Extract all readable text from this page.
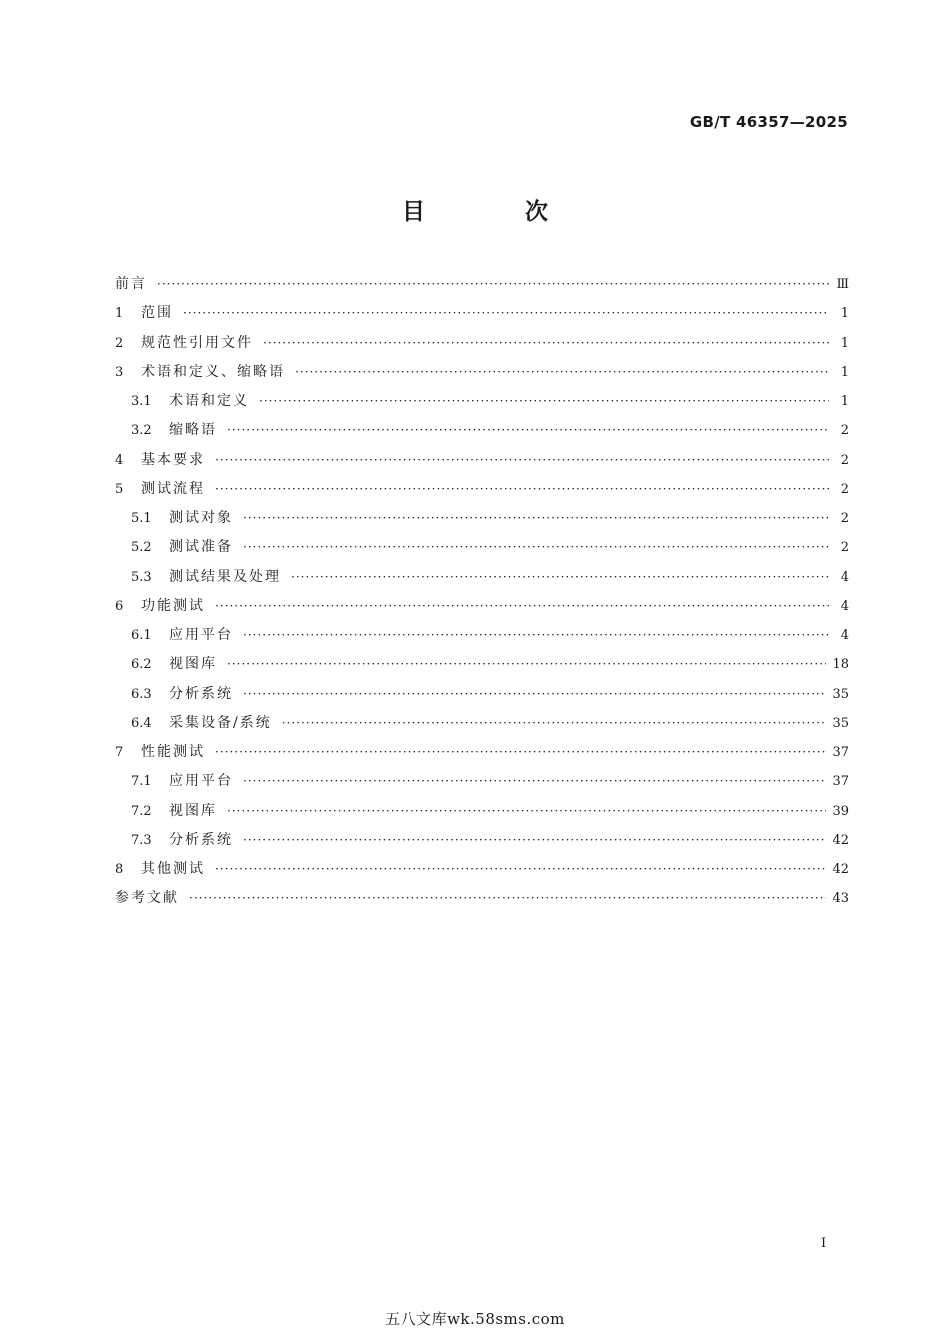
GB/T 46357—2025
目 次
前言 ·····	Ⅲ
1	范围 ·····	1
2	规范性引用文件 ·····	1
3	术语和定义、缩略语 ·····	1
3.1	术语和定义 ·····	1
3.2	缩略语 ·····	2
4	基本要求 ·····	2
5	测试流程 ·····	2
5.1	测试对象 ·····	2
5.2	测试准备 ·····	2
5.3	测试结果及处理 ·····	4
6	功能测试 ·····	4
6.1	应用平台 ·····	4
6.2	视图库 ·····	18
6.3	分析系统 ·····	35
6.4	采集设备/系统 ·····	35
7	性能测试 ·····	37
7.1	应用平台 ·····	37
7.2	视图库 ·····	39
7.3	分析系统 ·····	42
8	其他测试 ·····	42
参考文献 ·····	43
I
五八文库wk.58sms.com
